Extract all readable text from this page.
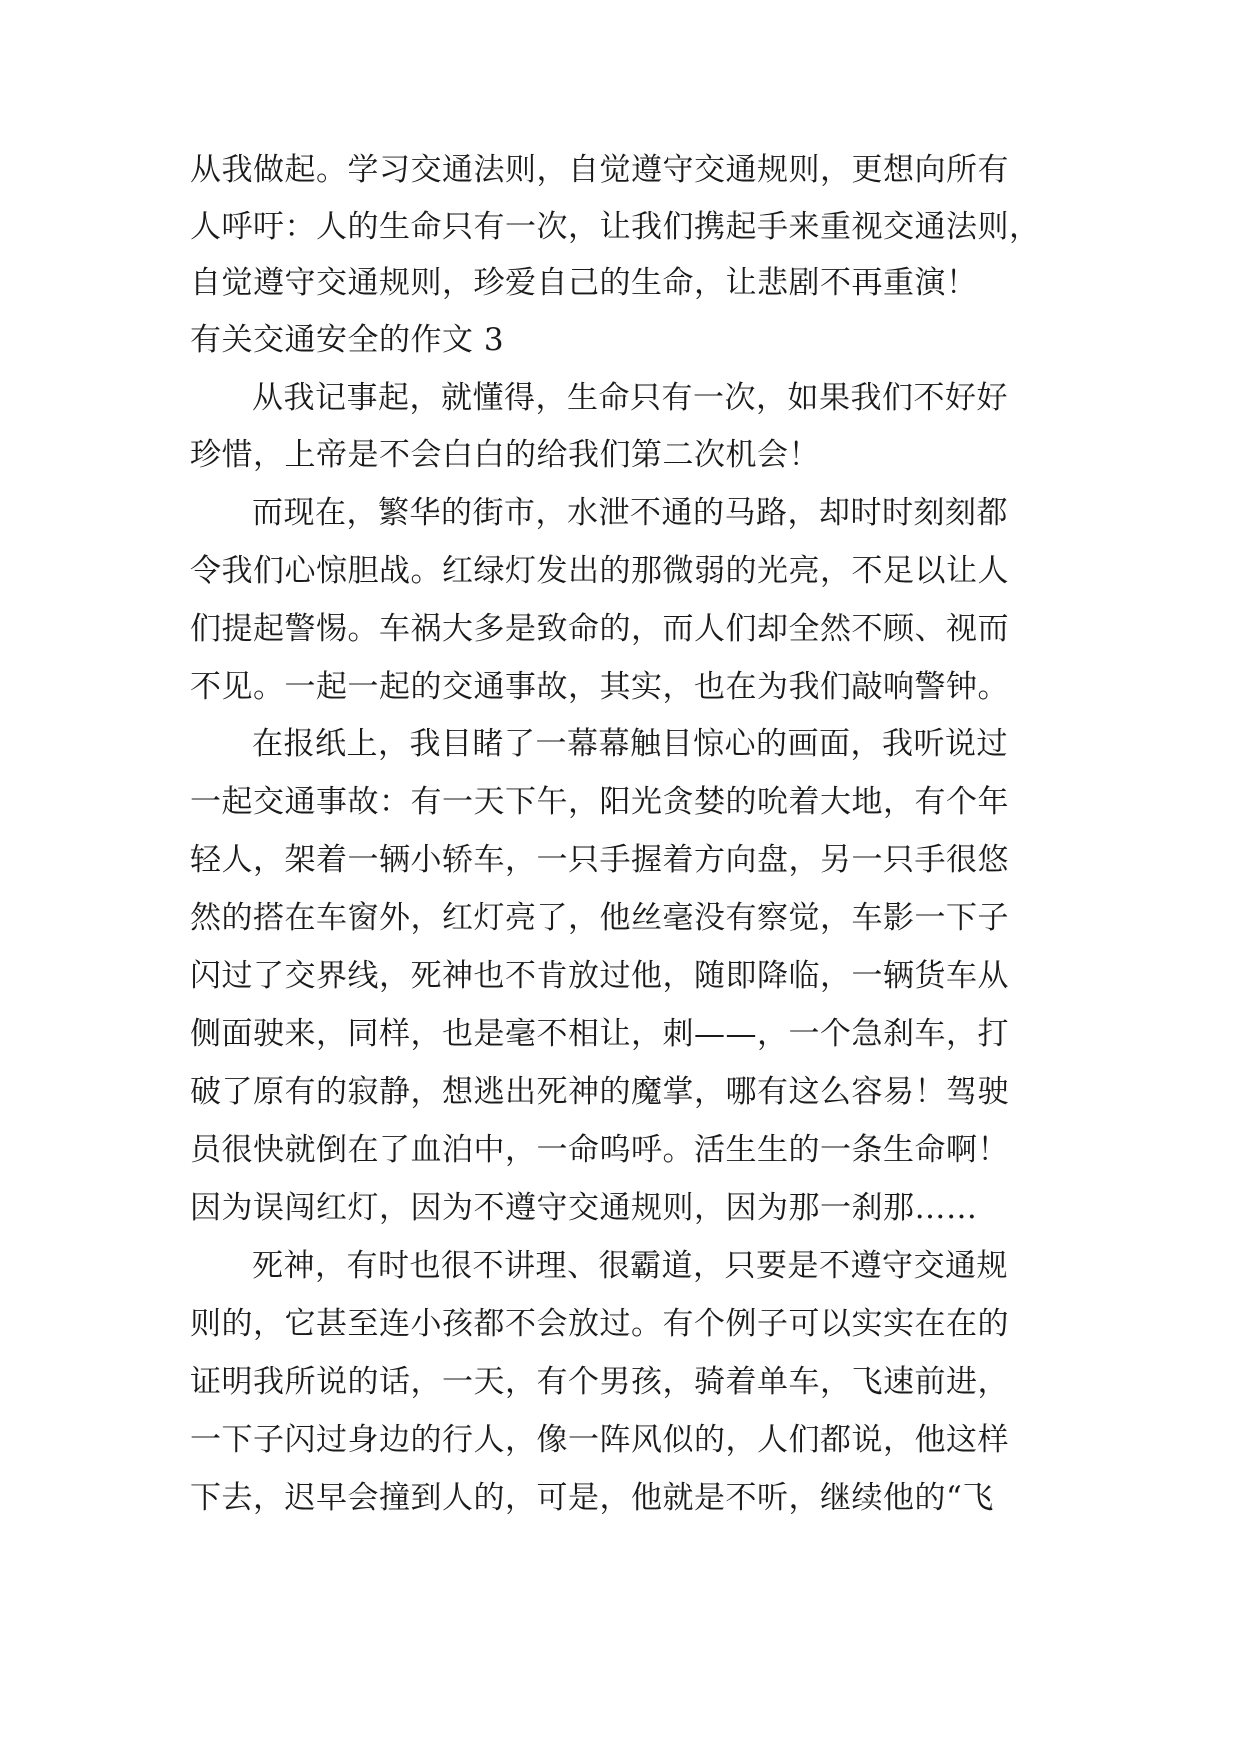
从我做起。学习交通法则，自觉遵守交通规则，更想向所有
人呼吁：人的生命只有一次，让我们携起手来重视交通法则，
自觉遵守交通规则，珍爱自己的生命，让悲剧不再重演！
有关交通安全的作文 3
从我记事起，就懂得，生命只有一次，如果我们不好好
珍惜，上帝是不会白白的给我们第二次机会！
而现在，繁华的街市，水泄不通的马路，却时时刻刻都
令我们心惊胆战。红绿灯发出的那微弱的光亮，不足以让人
们提起警惕。车祸大多是致命的，而人们却全然不顾、视而
不见。一起一起的交通事故，其实，也在为我们敲响警钟。
在报纸上，我目睹了一幕幕触目惊心的画面，我听说过
一起交通事故：有一天下午，阳光贪婪的吮着大地，有个年
轻人，架着一辆小轿车，一只手握着方向盘，另一只手很悠
然的搭在车窗外，红灯亮了，他丝毫没有察觉，车影一下子
闪过了交界线，死神也不肯放过他，随即降临，一辆货车从
侧面驶来，同样，也是毫不相让，刺——，一个急刹车，打
破了原有的寂静，想逃出死神的魔掌，哪有这么容易！驾驶
员很快就倒在了血泊中，一命呜呼。活生生的一条生命啊！
因为误闯红灯，因为不遵守交通规则，因为那一刹那……
死神，有时也很不讲理、很霸道，只要是不遵守交通规
则的，它甚至连小孩都不会放过。有个例子可以实实在在的
证明我所说的话，一天，有个男孩，骑着单车，飞速前进，
一下子闪过身边的行人，像一阵风似的，人们都说，他这样
下去，迟早会撞到人的，可是，他就是不听，继续他的“飞
